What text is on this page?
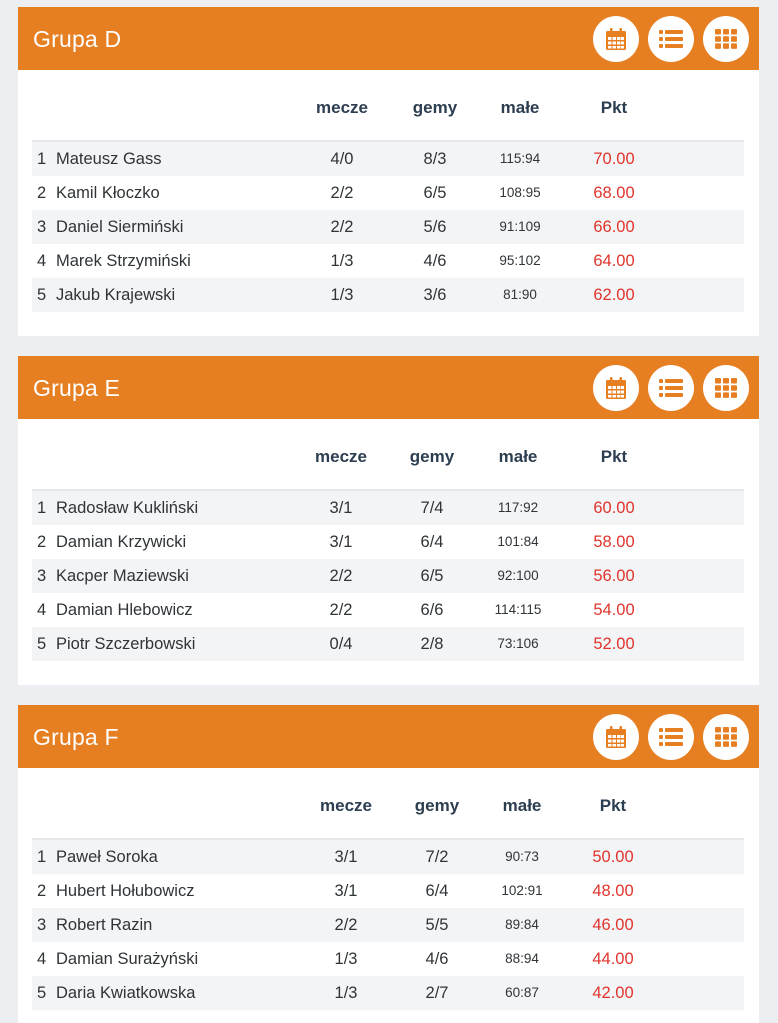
Grupa D
mecze	gemy	małe	Pkt
1 Mateusz Gass	4/0	8/3	115:94	70.00
2 Kamil Kłoczko	2/2	6/5	108:95	68.00
3 Daniel Siermiński	2/2	5/6	91:109	66.00
4 Marek Strzymiński	1/3	4/6	95:102	64.00
5 Jakub Krajewski	1/3	3/6	81:90	62.00
Grupa E
mecze	gemy	małe	Pkt
1 Radosław Kukliński	3/1	7/4	117:92	60.00
2 Damian Krzywicki	3/1	6/4	101:84	58.00
3 Kacper Maziewski	2/2	6/5	92:100	56.00
4 Damian Hlebowicz	2/2	6/6	114:115	54.00
5 Piotr Szczerbowski	0/4	2/8	73:106	52.00
Grupa F
mecze	gemy	małe	Pkt
1 Paweł Soroka	3/1	7/2	90:73	50.00
2 Hubert Hołubowicz	3/1	6/4	102:91	48.00
3 Robert Razin	2/2	5/5	89:84	46.00
4 Damian Surażyński	1/3	4/6	88:94	44.00
5 Daria Kwiatkowska	1/3	2/7	60:87	42.00
